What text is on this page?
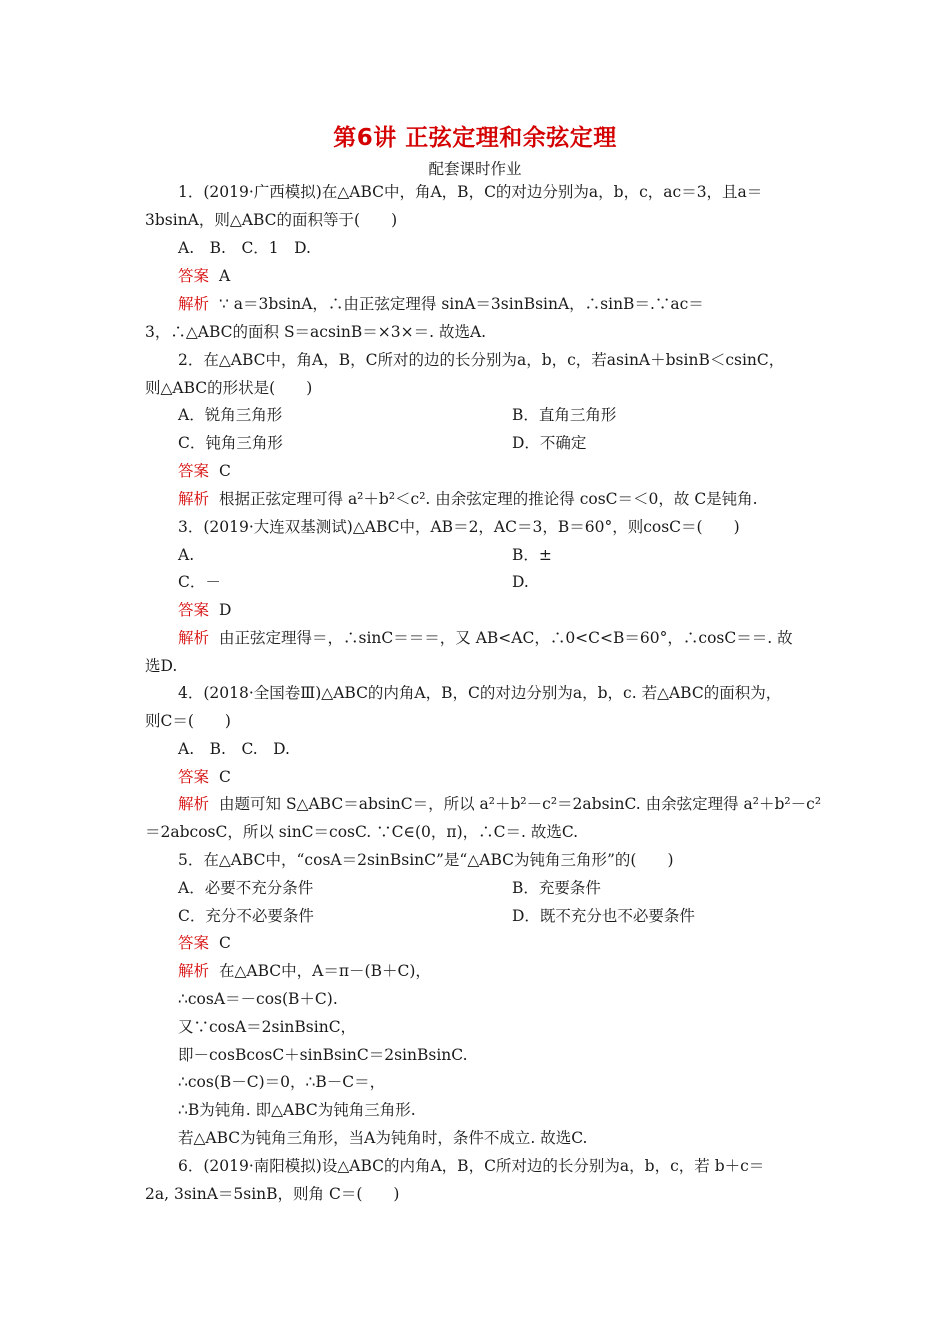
第6讲 正弦定理和余弦定理
配套课时作业
1．(2019·广西模拟)在△ABC中，角A，B，C的对边分别为a，b，c，ac＝3，且a＝
3bsinA，则△ABC的面积等于(　　)
A.　B.　C．1　D.
答案 A
解析 ∵ a＝3bsinA，∴由正弦定理得 sinA＝3sinBsinA，∴sinB＝.∵ac＝
3，∴△ABC的面积 S＝acsinB＝×3×＝. 故选A.
2．在△ABC中，角A，B，C所对的边的长分别为a，b，c，若asinA＋bsinB＜csinC，
则△ABC的形状是(　　)
A．锐角三角形	B．直角三角形
C．钝角三角形	D．不确定
答案 C
解析 根据正弦定理可得 a²＋b²＜c². 由余弦定理的推论得 cosC＝＜0，故 C是钝角.
3．(2019·大连双基测试)△ABC中，AB＝2，AC＝3，B＝60°，则cosC＝(　　)
A.	B．±
C．－	D.
答案 D
解析 由正弦定理得＝，∴sinC＝＝＝，又 AB<AC，∴0<C<B＝60°，∴cosC＝＝. 故
选D.
4．(2018·全国卷Ⅲ)△ABC的内角A，B，C的对边分别为a，b，c. 若△ABC的面积为，
则C＝(　　)
A.　B.　C.　D.
答案 C
解析 由题可知 S△ABC＝absinC＝，所以 a²＋b²－c²＝2absinC. 由余弦定理得 a²＋b²－c²
＝2abcosC，所以 sinC＝cosC. ∵C∈(0，π)，∴C＝. 故选C.
5．在△ABC中，“cosA＝2sinBsinC”是“△ABC为钝角三角形”的(　　)
A．必要不充分条件	B．充要条件
C．充分不必要条件	D．既不充分也不必要条件
答案 C
解析 在△ABC中，A＝π－(B＋C)，
∴cosA＝－cos(B＋C).
又∵cosA＝2sinBsinC，
即－cosBcosC＋sinBsinC＝2sinBsinC.
∴cos(B－C)＝0，∴B－C＝，
∴B为钝角. 即△ABC为钝角三角形.
若△ABC为钝角三角形，当A为钝角时，条件不成立. 故选C.
6．(2019·南阳模拟)设△ABC的内角A，B，C所对边的长分别为a，b，c，若 b＋c＝
2a, 3sinA＝5sinB，则角 C＝(　　)
